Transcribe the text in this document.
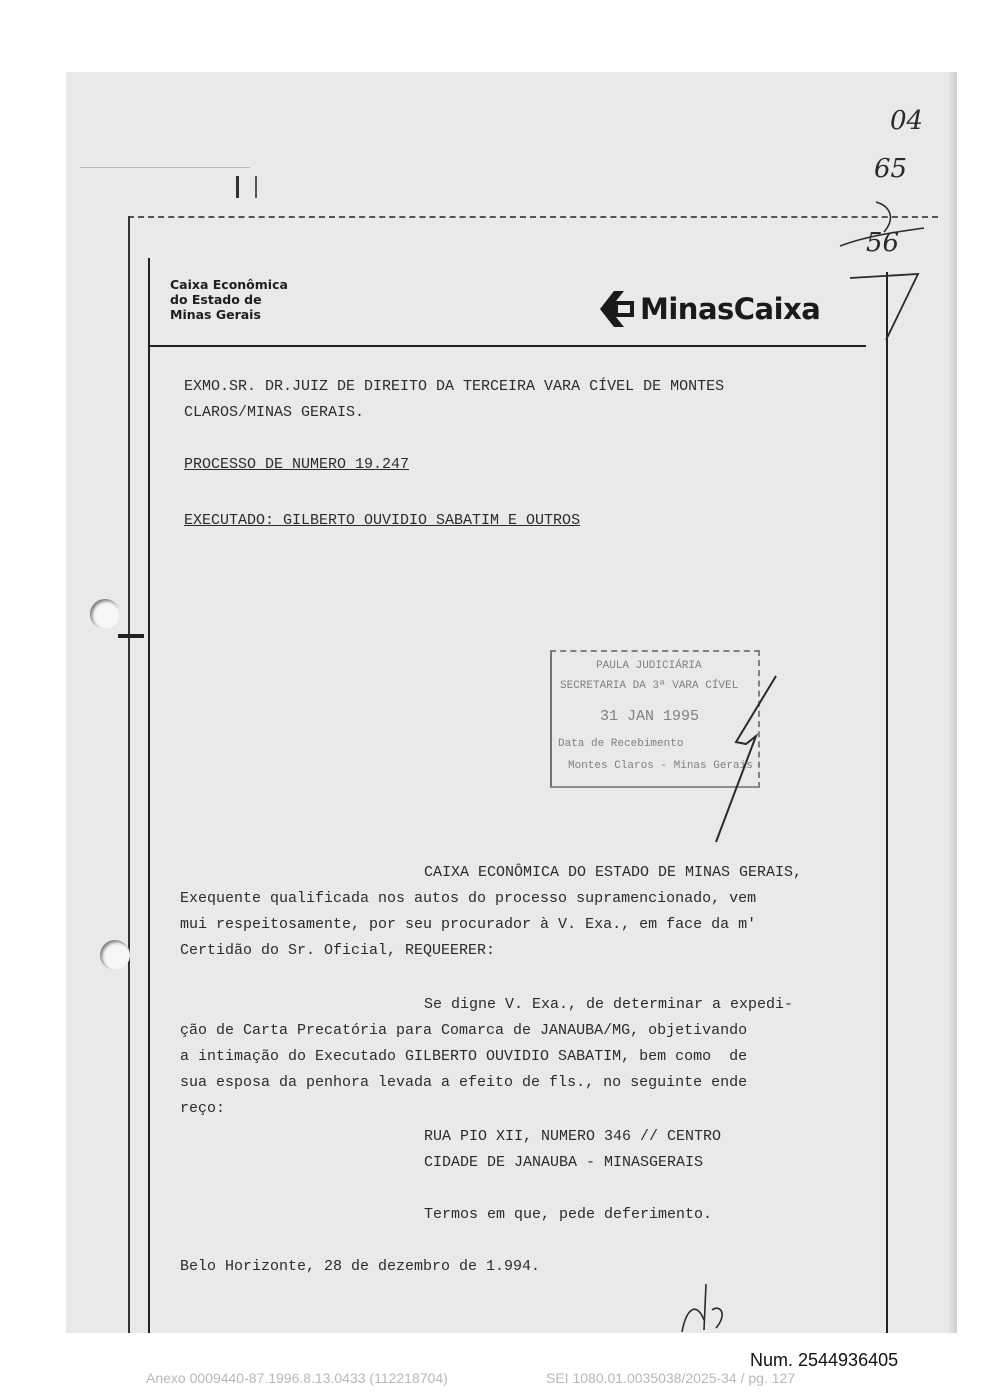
Caixa Econômica
do Estado de
Minas Gerais	MinasCaixa
EXMO.SR. DR.JUIZ DE DIREITO DA TERCEIRA VARA CÍVEL DE MONTES
CLAROS/MINAS GERAIS.
PROCESSO DE NUMERO 19.247
EXECUTADO: GILBERTO OUVIDIO SABATIM E OUTROS
PAULA JUDICIÁRIA
SECRETARIA DA 3ª VARA CÍVEL
31 JAN 1995
Data de Recebimento
Montes Claros - Minas Gerais
CAIXA ECONÔMICA DO ESTADO DE MINAS GERAIS,
Exequente qualificada nos autos do processo supramencionado, vem
mui respeitosamente, por seu procurador à V. Exa., em face da m'
Certidão do Sr. Oficial, REQUEERER:
Se digne V. Exa., de determinar a expedi-
ção de Carta Precatória para Comarca de JANAUBA/MG, objetivando
a intimação do Executado GILBERTO OUVIDIO SABATIM, bem como  de
sua esposa da penhora levada a efeito de fls., no seguinte ende
reço:
RUA PIO XII, NUMERO 346 // CENTRO
CIDADE DE JANAUBA - MINASGERAIS
Termos em que, pede deferimento.
Belo Horizonte, 28 de dezembro de 1.994.
04
65
56
Num. 2544936405
Anexo 0009440-87.1996.8.13.0433 (112218704)	SEI 1080.01.0035038/2025-34 / pg. 127
